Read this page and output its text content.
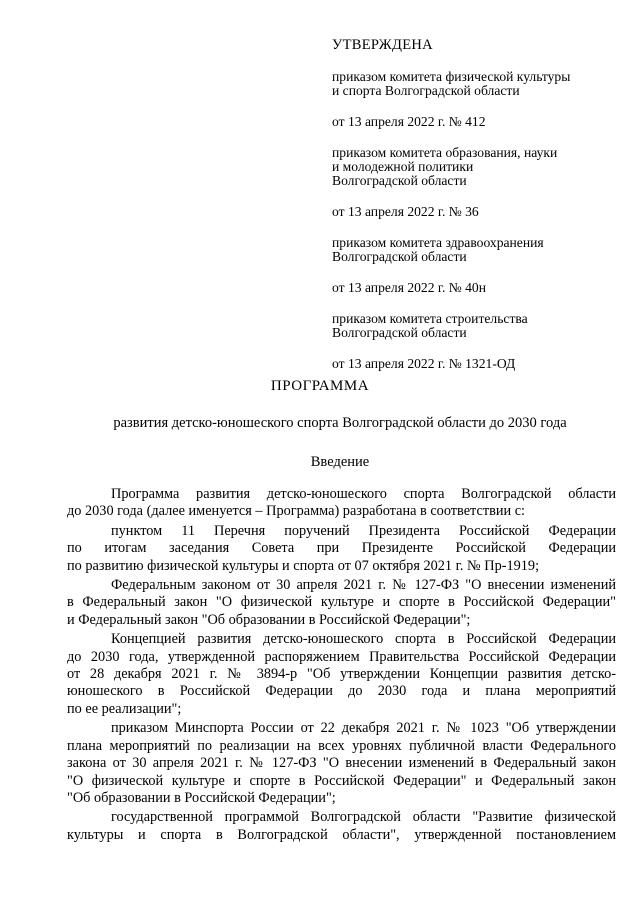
УТВЕРЖДЕНА
приказом комитета физической культуры
и спорта Волгоградской области
от 13 апреля 2022 г. № 412
приказом комитета образования, науки
и молодежной политики
Волгоградской области
от 13 апреля 2022 г. № 36
приказом комитета здравоохранения
Волгоградской области
от 13 апреля 2022 г. № 40н
приказом комитета строительства
Волгоградской области
от 13 апреля 2022 г. № 1321-ОД
ПРОГРАММА
развития детско-юношеского спорта Волгоградской области до 2030 года
Введение

Программа развития детско-юношеского спорта Волгоградской области
до 2030 года (далее именуется – Программа) разработана в соответствии с:

пунктом 11 Перечня поручений Президента Российской Федерации
по итогам заседания Совета при Президенте Российской Федерации
по развитию физической культуры и спорта от 07 октября 2021 г. № Пр-1919;

Федеральным законом от 30 апреля 2021 г. № 127-ФЗ "О внесении изменений
в Федеральный закон "О физической культуре и спорте в Российской Федерации"
и Федеральный закон "Об образовании в Российской Федерации";

Концепцией развития детско-юношеского спорта в Российской Федерации
до 2030 года, утвержденной распоряжением Правительства Российской Федерации
от 28 декабря 2021 г. № 3894-р "Об утверждении Концепции развития детско-
юношеского в Российской Федерации до 2030 года и плана мероприятий
по ее реализации";

приказом Минспорта России от 22 декабря 2021 г. № 1023 "Об утверждении
плана мероприятий по реализации на всех уровнях публичной власти Федерального
закона от 30 апреля 2021 г. № 127-ФЗ "О внесении изменений в Федеральный закон
"О физической культуре и спорте в Российской Федерации" и Федеральный закон
"Об образовании в Российской Федерации";

государственной программой Волгоградской области "Развитие физической
культуры и спорта в Волгоградской области", утвержденной постановлением
